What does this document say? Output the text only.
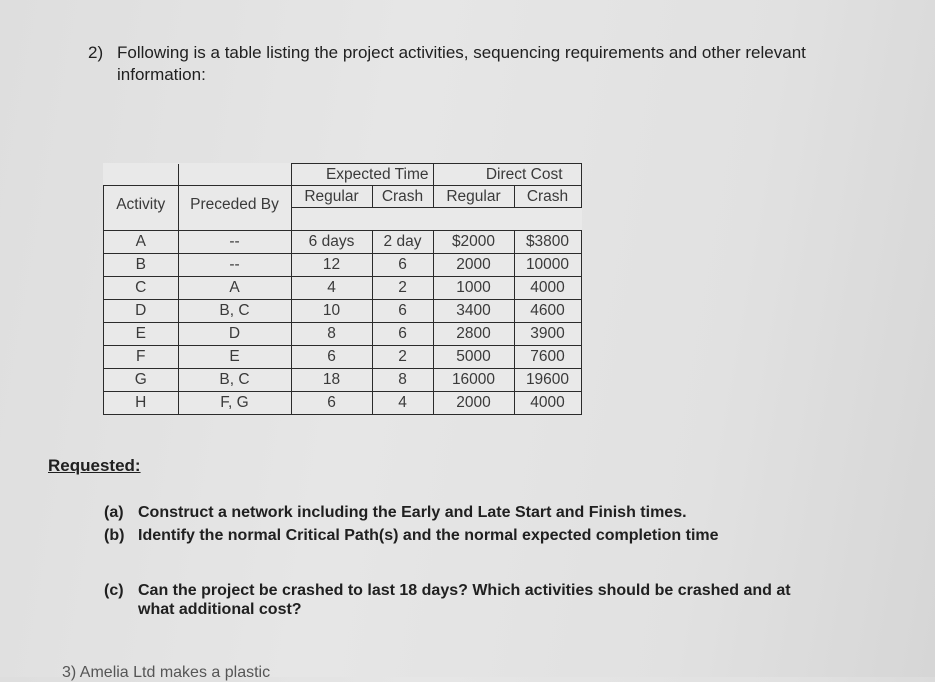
2) Following is a table listing the project activities, sequencing requirements and other relevant information:
		Expected Time		Direct Cost	
Activity	Preceded By	Regular	Crash	Regular	Crash

A	--	6 days	2 day	$2000	$3800
B	--	12	6	2000	10000
C	A	4	2	1000	4000
D	B, C	10	6	3400	4600
E	D	8	6	2800	3900
F	E	6	2	5000	7600
G	B, C	18	8	16000	19600
H	F, G	6	4	2000	4000
Requested:
(a) Construct a network including the Early and Late Start and Finish times.
(b) Identify the normal Critical Path(s) and the normal expected completion time
(c) Can the project be crashed to last 18 days? Which activities should be crashed and at what additional cost?
3) Amelia Ltd makes a plastic
